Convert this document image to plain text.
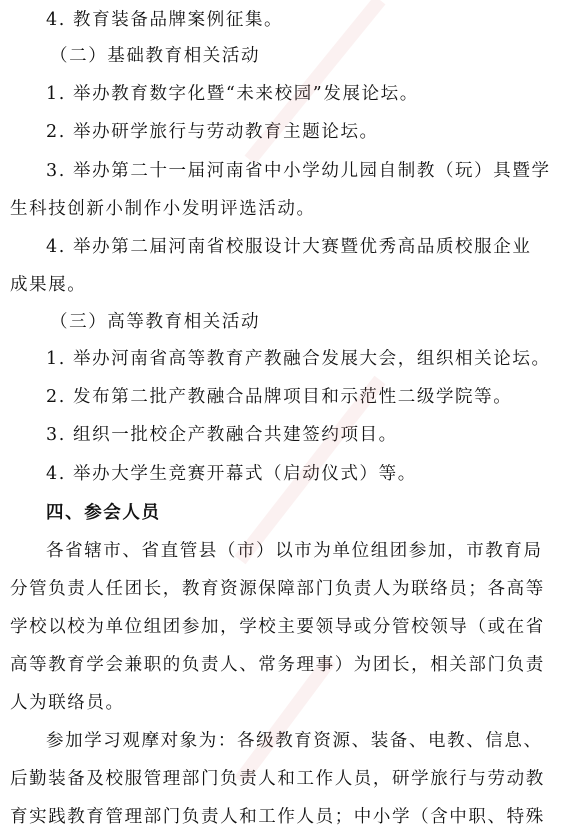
4. 教育装备品牌案例征集。
（二）基础教育相关活动
1. 举办教育数字化暨“未来校园”发展论坛。
2. 举办研学旅行与劳动教育主题论坛。
3. 举办第二十一届河南省中小学幼儿园自制教（玩）具暨学
生科技创新小制作小发明评选活动。
4. 举办第二届河南省校服设计大赛暨优秀高品质校服企业
成果展。
（三）高等教育相关活动
1. 举办河南省高等教育产教融合发展大会，组织相关论坛。
2. 发布第二批产教融合品牌项目和示范性二级学院等。
3. 组织一批校企产教融合共建签约项目。
4. 举办大学生竞赛开幕式（启动仪式）等。
四、参会人员
各省辖市、省直管县（市）以市为单位组团参加，市教育局
分管负责人任团长，教育资源保障部门负责人为联络员；各高等
学校以校为单位组团参加，学校主要领导或分管校领导（或在省
高等教育学会兼职的负责人、常务理事）为团长，相关部门负责
人为联络员。
参加学习观摩对象为：各级教育资源、装备、电教、信息、
后勤装备及校服管理部门负责人和工作人员，研学旅行与劳动教
育实践教育管理部门负责人和工作人员；中小学（含中职、特殊
